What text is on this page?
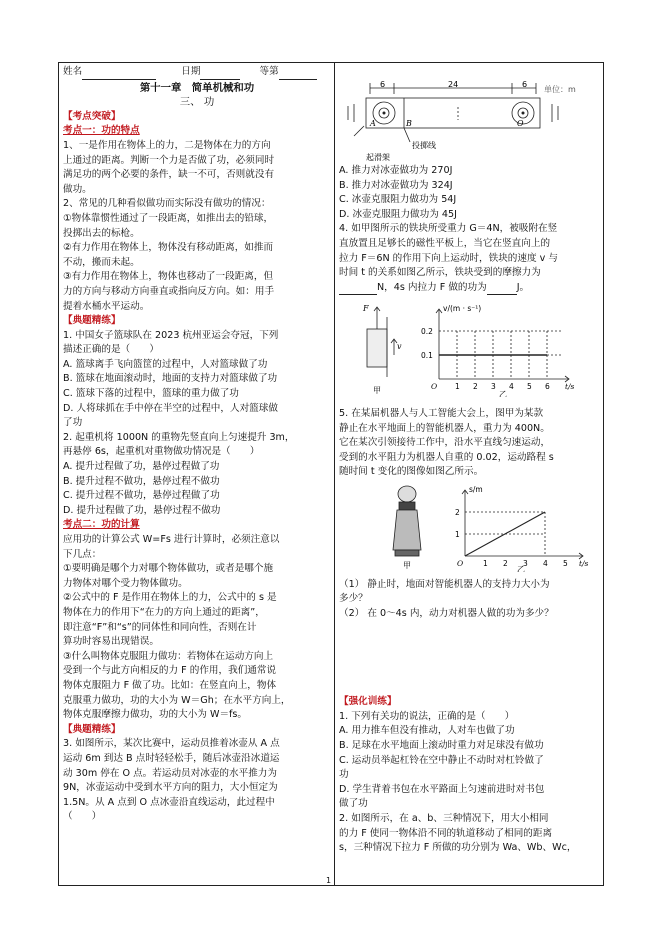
姓名	日期	等第
第十一章　简单机械和功
三、 功

【考点突破】

考点一：功的特点

1、一是作用在物体上的力，二是物体在力的方向

上通过的距离。判断一个力是否做了功，必须同时

满足功的两个必要的条件，缺一不可，否则就没有

做功。

2、常见的几种看似做功而实际没有做功的情况：

①物体靠惯性通过了一段距离，如推出去的铅球，

投掷出去的标枪。

②有力作用在物体上，物体没有移动距离，如推而

不动，搬而未起。

③有力作用在物体上，物体也移动了一段距离，但

力的方向与移动方向垂直或指向反方向。如：用手

提着水桶水平运动。

【典题精练】

1. 中国女子篮球队在 2023 杭州亚运会夺冠，下列

描述正确的是（　　）

A. 篮球离手飞向篮筐的过程中，人对篮球做了功

B. 篮球在地面滚动时，地面的支持力对篮球做了功

C. 篮球下落的过程中，篮球的重力做了功

D. 人将球抓在手中停在半空的过程中，人对篮球做

了功

2. 起重机将 1000N 的重物先竖直向上匀速提升 3m，

再悬停 6s，起重机对重物做功情况是（　　）

A. 提升过程做了功，悬停过程做了功

B. 提升过程不做功，悬停过程不做功

C. 提升过程不做功，悬停过程做了功

D. 提升过程做了功，悬停过程不做功

考点二：功的计算

应用功的计算公式 W=Fs 进行计算时，必须注意以

下几点：

①要明确是哪个力对哪个物体做功，或者是哪个施

力物体对哪个受力物体做功。

②公式中的 F 是作用在物体上的力，公式中的 s 是

物体在力的作用下“在力的方向上通过的距离”，

即注意“F”和“s”的同体性和同向性，否则在计

算功时容易出现错误。

③什么叫物体克服阻力做功：若物体在运动方向上

受到一个与此方向相反的力 F 的作用，我们通常说

物体克服阻力 F 做了功。比如：在竖直向上，物体

克服重力做功，功的大小为 W＝Gh；在水平方向上，

物体克服摩擦力做功，功的大小为 W＝fs。

【典题精练】

3. 如图所示，某次比赛中，运动员推着冰壶从 A 点

运动 6m 到达 B 点时轻轻松手，随后冰壶沿冰道运

动 30m 停在 O 点。若运动员对冰壶的水平推力为

9N，冰壶运动中受到水平方向的阻力，大小恒定为

1.5N。从 A 点到 O 点冰壶沿直线运动，此过程中

（　　）

6	24	6
单位：m
A	B	O
投掷线
起滑架

A. 推力对冰壶做功为 270J

B. 推力对冰壶做功为 324J

C. 冰壶克服阻力做功为 54J

D. 冰壶克服阻力做功为 45J

4. 如甲图所示的铁块所受重力 G＝4N，被吸附在竖

直放置且足够长的磁性平板上，当它在竖直向上的

拉力 F＝6N 的作用下向上运动时，铁块的速度 v 与

时间 t 的关系如图乙所示，铁块受到的摩擦力为

N，4s 内拉力 F 做的功为	J。

F
v
甲
v/(m · s⁻¹)
0.2
0.1
O 1 2 3 4 5 6 t/s
乙

5. 在某届机器人与人工智能大会上，图甲为某款

静止在水平地面上的智能机器人，重力为 400N。

它在某次引领接待工作中，沿水平直线匀速运动，

受到的水平阻力为机器人自重的 0.02，运动路程 s

随时间 t 变化的图像如图乙所示。

甲
s/m
2
1
O	1 2 3 4 5 t/s
乙

（1） 静止时，地面对智能机器人的支持力大小为

多少？

（2） 在 0～4s 内，动力对机器人做的功为多少？

【强化训练】

1. 下列有关功的说法，正确的是（　　）

A. 用力推车但没有推动，人对车也做了功

B. 足球在水平地面上滚动时重力对足球没有做功

C. 运动员举起杠铃在空中静止不动时对杠铃做了

功

D. 学生背着书包在水平路面上匀速前进时对书包

做了功

2. 如图所示，在 a、b、三种情况下，用大小相同

的力 F 使同一物体沿不同的轨道移动了相同的距离

s，三种情况下拉力 F 所做的功分别为 Wa、Wb、Wc，

1
